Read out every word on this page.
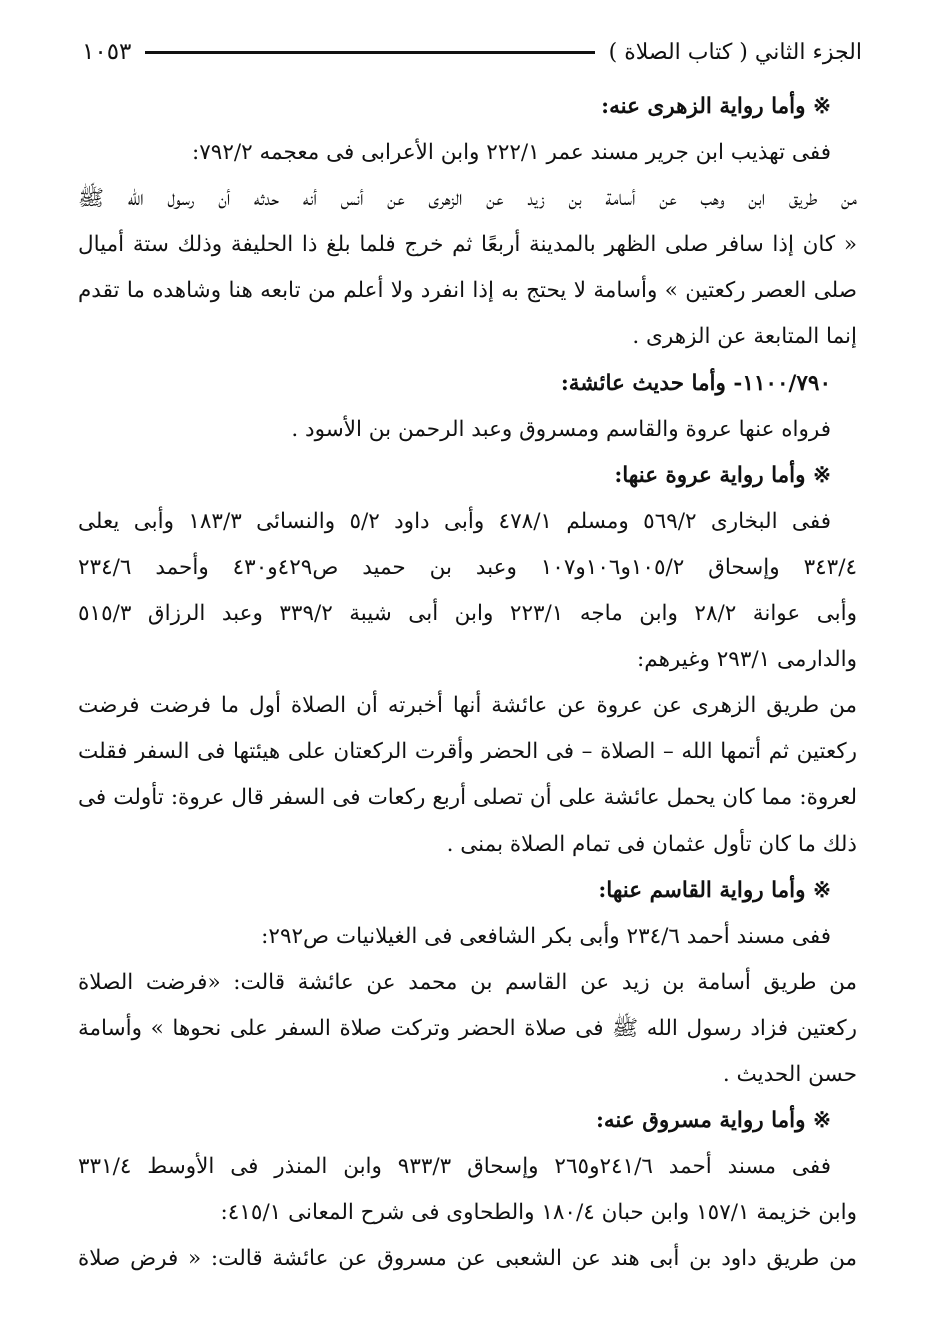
الجزء الثاني ( كتاب الصلاة )
١٠٥٣
※ وأما رواية الزهرى عنه:
ففى تهذيب ابن جرير مسند عمر ٢٢٢/١ وابن الأعرابى فى معجمه ٧٩٢/٢:
من طريق ابن وهب عن أسامة بن زيد عن الزهرى عن أنس أنه حدثه أن رسول الله ﷺ
« كان إذا سافر صلى الظهر بالمدينة أربعًا ثم خرج فلما بلغ ذا الحليفة وذلك ستة أميال
صلى العصر ركعتين » وأسامة لا يحتج به إذا انفرد ولا أعلم من تابعه هنا وشاهده ما تقدم
إنما المتابعة عن الزهرى .
١١٠٠/٧٩٠- وأما حديث عائشة:
فرواه عنها عروة والقاسم ومسروق وعبد الرحمن بن الأسود .
※ وأما رواية عروة عنها:
ففى البخارى ٥٦٩/٢ ومسلم ٤٧٨/١ وأبى داود ٥/٢ والنسائى ١٨٣/٣ وأبى يعلى
٣٤٣/٤ وإسحاق ١٠٥/٢و١٠٦و١٠٧ وعبد بن حميد ص٤٢٩و٤٣٠ وأحمد ٢٣٤/٦
وأبى عوانة ٢٨/٢ وابن ماجه ٢٢٣/١ وابن أبى شيبة ٣٣٩/٢ وعبد الرزاق ٥١٥/٣
والدارمى ٢٩٣/١ وغيرهم:
من طريق الزهرى عن عروة عن عائشة أنها أخبرته أن الصلاة أول ما فرضت فرضت
ركعتين ثم أتمها الله – الصلاة – فى الحضر وأقرت الركعتان على هيئتها فى السفر فقلت
لعروة: مما كان يحمل عائشة على أن تصلى أربع ركعات فى السفر قال عروة: تأولت فى
ذلك ما كان تأول عثمان فى تمام الصلاة بمنى .
※ وأما رواية القاسم عنها:
ففى مسند أحمد ٢٣٤/٦ وأبى بكر الشافعى فى الغيلانيات ص٢٩٢:
من طريق أسامة بن زيد عن القاسم بن محمد عن عائشة قالت: «فرضت الصلاة
ركعتين فزاد رسول الله ﷺ فى صلاة الحضر وتركت صلاة السفر على نحوها » وأسامة
حسن الحديث .
※ وأما رواية مسروق عنه:
ففى مسند أحمد ٢٤١/٦و٢٦٥ وإسحاق ٩٣٣/٣ وابن المنذر فى الأوسط ٣٣١/٤
وابن خزيمة ١٥٧/١ وابن حبان ١٨٠/٤ والطحاوى فى شرح المعانى ٤١٥/١:
من طريق داود بن أبى هند عن الشعبى عن مسروق عن عائشة قالت: « فرض صلاة
